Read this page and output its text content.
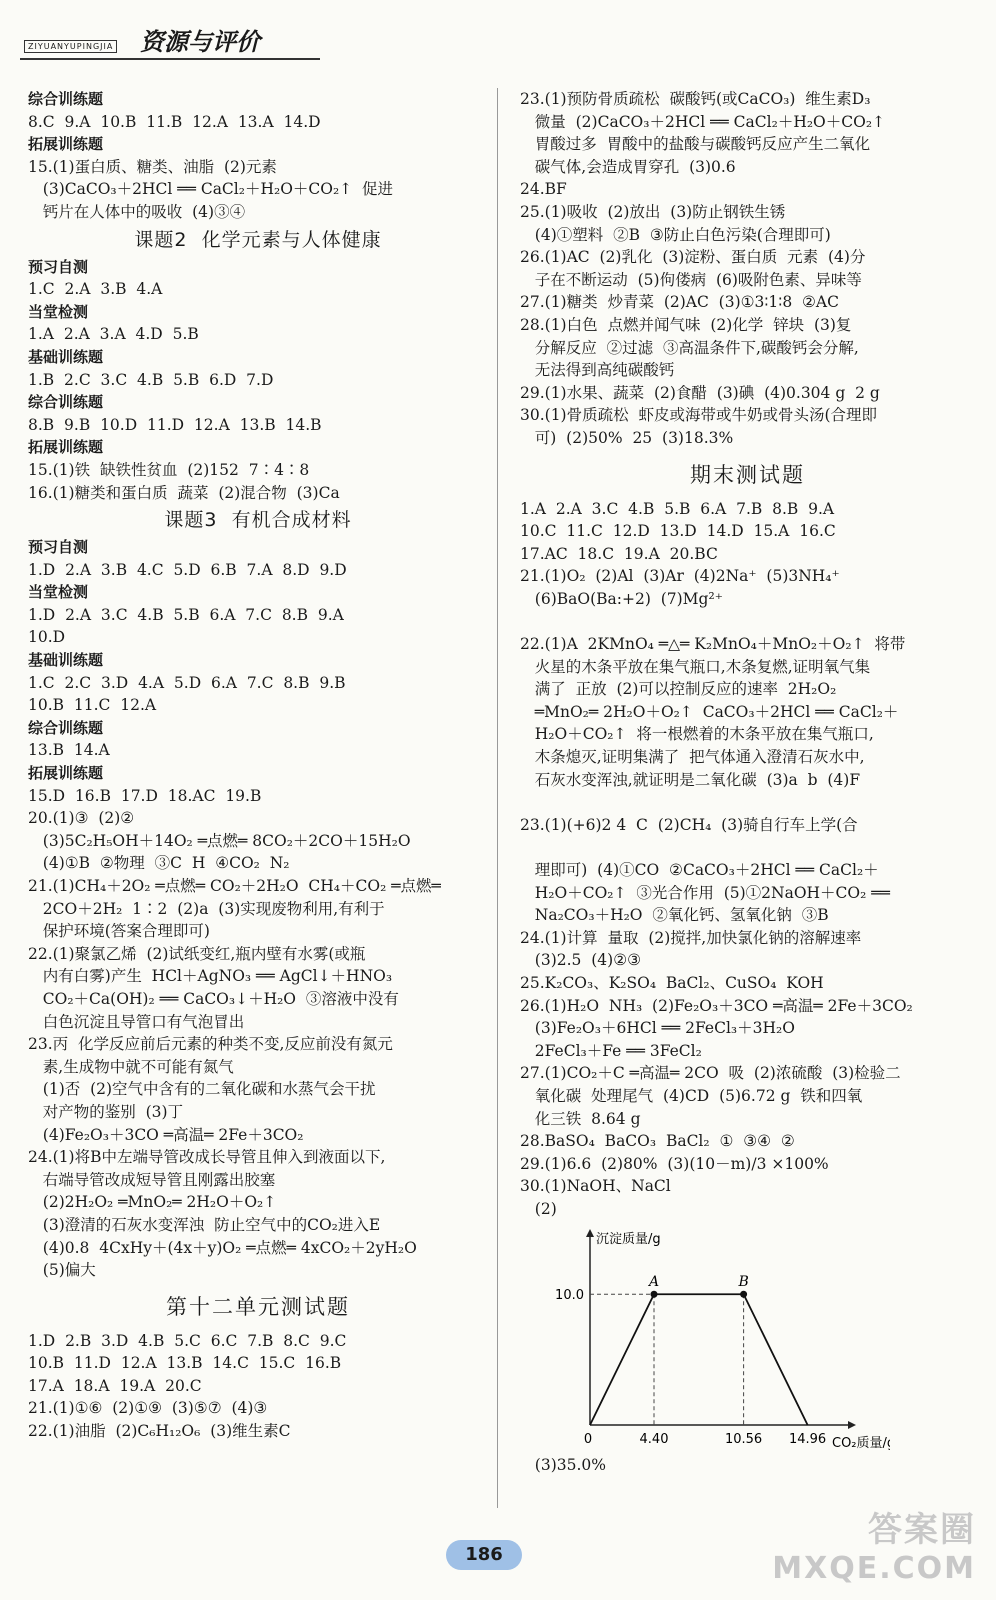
ZIYUANYUPINGJIA 资源与评价
综合训练题
8.C  9.A  10.B  11.B  12.A  13.A  14.D
拓展训练题
15.(1)蛋白质、糖类、油脂  (2)元素
(3)CaCO₃＋2HCl ══ CaCl₂＋H₂O＋CO₂↑  促进
钙片在人体中的吸收  (4)③④
课题2  化学元素与人体健康
预习自测
1.C  2.A  3.B  4.A
当堂检测
1.A  2.A  3.A  4.D  5.B
基础训练题
1.B  2.C  3.C  4.B  5.B  6.D  7.D
综合训练题
8.B  9.B  10.D  11.D  12.A  13.B  14.B
拓展训练题
15.(1)铁  缺铁性贫血  (2)152  7∶4∶8
16.(1)糖类和蛋白质  蔬菜  (2)混合物  (3)Ca
课题3  有机合成材料
预习自测
1.D  2.A  3.B  4.C  5.D  6.B  7.A  8.D  9.D
当堂检测
1.D  2.A  3.C  4.B  5.B  6.A  7.C  8.B  9.A
10.D
基础训练题
1.C  2.C  3.D  4.A  5.D  6.A  7.C  8.B  9.B
10.B  11.C  12.A
综合训练题
13.B  14.A
拓展训练题
15.D  16.B  17.D  18.AC  19.B
20.(1)③  (2)②
(3)5C₂H₅OH＋14O₂ ═点燃═ 8CO₂＋2CO＋15H₂O
(4)①B  ②物理  ③C  H  ④CO₂  N₂
21.(1)CH₄＋2O₂ ═点燃═ CO₂＋2H₂O  CH₄＋CO₂ ═点燃═
2CO＋2H₂  1∶2  (2)a  (3)实现废物利用,有利于
保护环境(答案合理即可)
22.(1)聚氯乙烯  (2)试纸变红,瓶内壁有水雾(或瓶
内有白雾)产生  HCl＋AgNO₃ ══ AgCl↓＋HNO₃
CO₂＋Ca(OH)₂ ══ CaCO₃↓＋H₂O  ③溶液中没有
白色沉淀且导管口有气泡冒出
23.丙  化学反应前后元素的种类不变,反应前没有氮元
素,生成物中就不可能有氮气
(1)否  (2)空气中含有的二氧化碳和水蒸气会干扰
对产物的鉴别  (3)丁
(4)Fe₂O₃＋3CO ═高温═ 2Fe＋3CO₂
24.(1)将B中左端导管改成长导管且伸入到液面以下,
右端导管改成短导管且刚露出胶塞
(2)2H₂O₂ ═MnO₂═ 2H₂O＋O₂↑
(3)澄清的石灰水变浑浊  防止空气中的CO₂进入E
(4)0.8  4CxHy＋(4x＋y)O₂ ═点燃═ 4xCO₂＋2yH₂O
(5)偏大
第十二单元测试题
1.D  2.B  3.D  4.B  5.C  6.C  7.B  8.C  9.C
10.B  11.D  12.A  13.B  14.C  15.C  16.B
17.A  18.A  19.A  20.C
21.(1)①⑥  (2)①⑨  (3)⑤⑦  (4)③
22.(1)油脂  (2)C₆H₁₂O₆  (3)维生素C
23.(1)预防骨质疏松  碳酸钙(或CaCO₃)  维生素D₃
微量  (2)CaCO₃＋2HCl ══ CaCl₂＋H₂O＋CO₂↑
胃酸过多  胃酸中的盐酸与碳酸钙反应产生二氧化
碳气体,会造成胃穿孔  (3)0.6
24.BF
25.(1)吸收  (2)放出  (3)防止钢铁生锈
(4)①塑料  ②B  ③防止白色污染(合理即可)
26.(1)AC  (2)乳化  (3)淀粉、蛋白质  元素  (4)分
子在不断运动  (5)佝偻病  (6)吸附色素、异味等
27.(1)糖类  炒青菜  (2)AC  (3)①3∶1∶8  ②AC
28.(1)白色  点燃并闻气味  (2)化学  锌块  (3)复
分解反应  ②过滤  ③高温条件下,碳酸钙会分解,
无法得到高纯碳酸钙
29.(1)水果、蔬菜  (2)食醋  (3)碘  (4)0.304 g  2 g
30.(1)骨质疏松  虾皮或海带或牛奶或骨头汤(合理即
可)  (2)50%  25  (3)18.3%
期末测试题
1.A  2.A  3.C  4.B  5.B  6.A  7.B  8.B  9.A
10.C  11.C  12.D  13.D  14.D  15.A  16.C
17.AC  18.C  19.A  20.BC
21.(1)O₂  (2)Al  (3)Ar  (4)2Na⁺  (5)3NH₄⁺
(6)BaO(Ba:+2)  (7)Mg²⁺
22.(1)A  2KMnO₄ ═△═ K₂MnO₄＋MnO₂＋O₂↑  将带
火星的木条平放在集气瓶口,木条复燃,证明氧气集
满了  正放  (2)可以控制反应的速率  2H₂O₂
═MnO₂═ 2H₂O＋O₂↑  CaCO₃＋2HCl ══ CaCl₂＋
H₂O＋CO₂↑  将一根燃着的木条平放在集气瓶口,
木条熄灭,证明集满了  把气体通入澄清石灰水中,
石灰水变浑浊,就证明是二氧化碳  (3)a  b  (4)F
23.(1)(+6)2 4  C  (2)CH₄  (3)骑自行车上学(合
理即可)  (4)①CO  ②CaCO₃＋2HCl ══ CaCl₂＋
H₂O＋CO₂↑  ③光合作用  (5)①2NaOH＋CO₂ ══
Na₂CO₃＋H₂O  ②氧化钙、氢氧化钠  ③B
24.(1)计算  量取  (2)搅拌,加快氯化钠的溶解速率
(3)2.5  (4)②③
25.K₂CO₃、K₂SO₄  BaCl₂、CuSO₄  KOH
26.(1)H₂O  NH₃  (2)Fe₂O₃＋3CO ═高温═ 2Fe＋3CO₂
(3)Fe₂O₃＋6HCl ══ 2FeCl₃＋3H₂O
2FeCl₃＋Fe ══ 3FeCl₂
27.(1)CO₂＋C ═高温═ 2CO  吸  (2)浓硫酸  (3)检验二
氧化碳  处理尾气  (4)CD  (5)6.72 g  铁和四氧
化三铁  8.64 g
28.BaSO₄  BaCO₃  BaCl₂  ①  ③④  ②
29.(1)6.6  (2)80%  (3)(10－m)/3 ×100%
30.(1)NaOH、NaCl
(2)
沉淀质量/g
CO₂质量/g
10.0
0	4.40	10.56 14.96
A	B
(3)35.0%
186
答案圈
MXQE.COM
